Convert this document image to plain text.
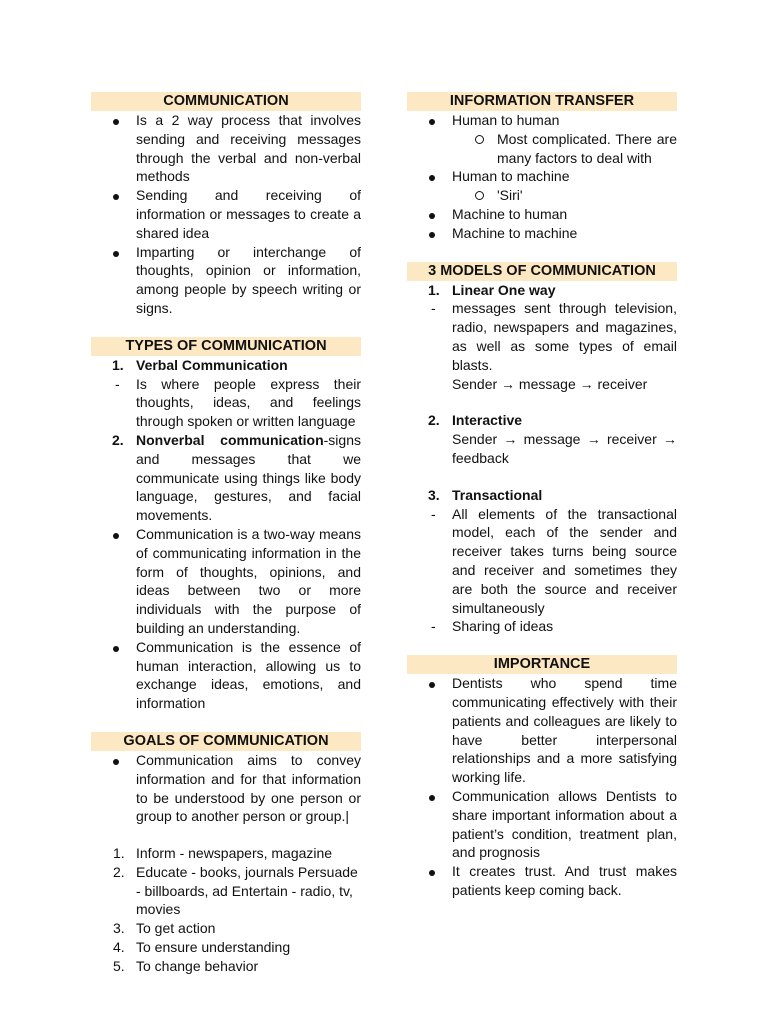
COMMUNICATION
Is a 2 way process that involves sending and receiving messages through the verbal and non-verbal methods
Sending and receiving of information or messages to create a shared idea
Imparting or interchange of thoughts, opinion or information, among people by speech writing or signs.
TYPES OF COMMUNICATION
1. Verbal Communication
- Is where people express their thoughts, ideas, and feelings through spoken or written language
2. Nonverbal communication-signs and messages that we communicate using things like body language, gestures, and facial movements.
Communication is a two-way means of communicating information in the form of thoughts, opinions, and ideas between two or more individuals with the purpose of building an understanding.
Communication is the essence of human interaction, allowing us to exchange ideas, emotions, and information
GOALS OF COMMUNICATION
Communication aims to convey information and for that information to be understood by one person or group to another person or group.|
1. Inform - newspapers, magazine
2. Educate - books, journals Persuade - billboards, ad Entertain - radio, tv, movies
3. To get action
4. To ensure understanding
5. To change behavior
INFORMATION TRANSFER
Human to human
Most complicated. There are many factors to deal with
Human to machine
'Siri'
Machine to human
Machine to machine
3 MODELS OF COMMUNICATION
1. Linear One way
- messages sent through television, radio, newspapers and magazines, as well as some types of email blasts.
Sender → message → receiver
2. Interactive
Sender → message → receiver → feedback
3. Transactional
- All elements of the transactional model, each of the sender and receiver takes turns being source and receiver and sometimes they are both the source and receiver simultaneously
- Sharing of ideas
IMPORTANCE
Dentists who spend time communicating effectively with their patients and colleagues are likely to have better interpersonal relationships and a more satisfying working life.
Communication allows Dentists to share important information about a patient’s condition, treatment plan, and prognosis
It creates trust. And trust makes patients keep coming back.
